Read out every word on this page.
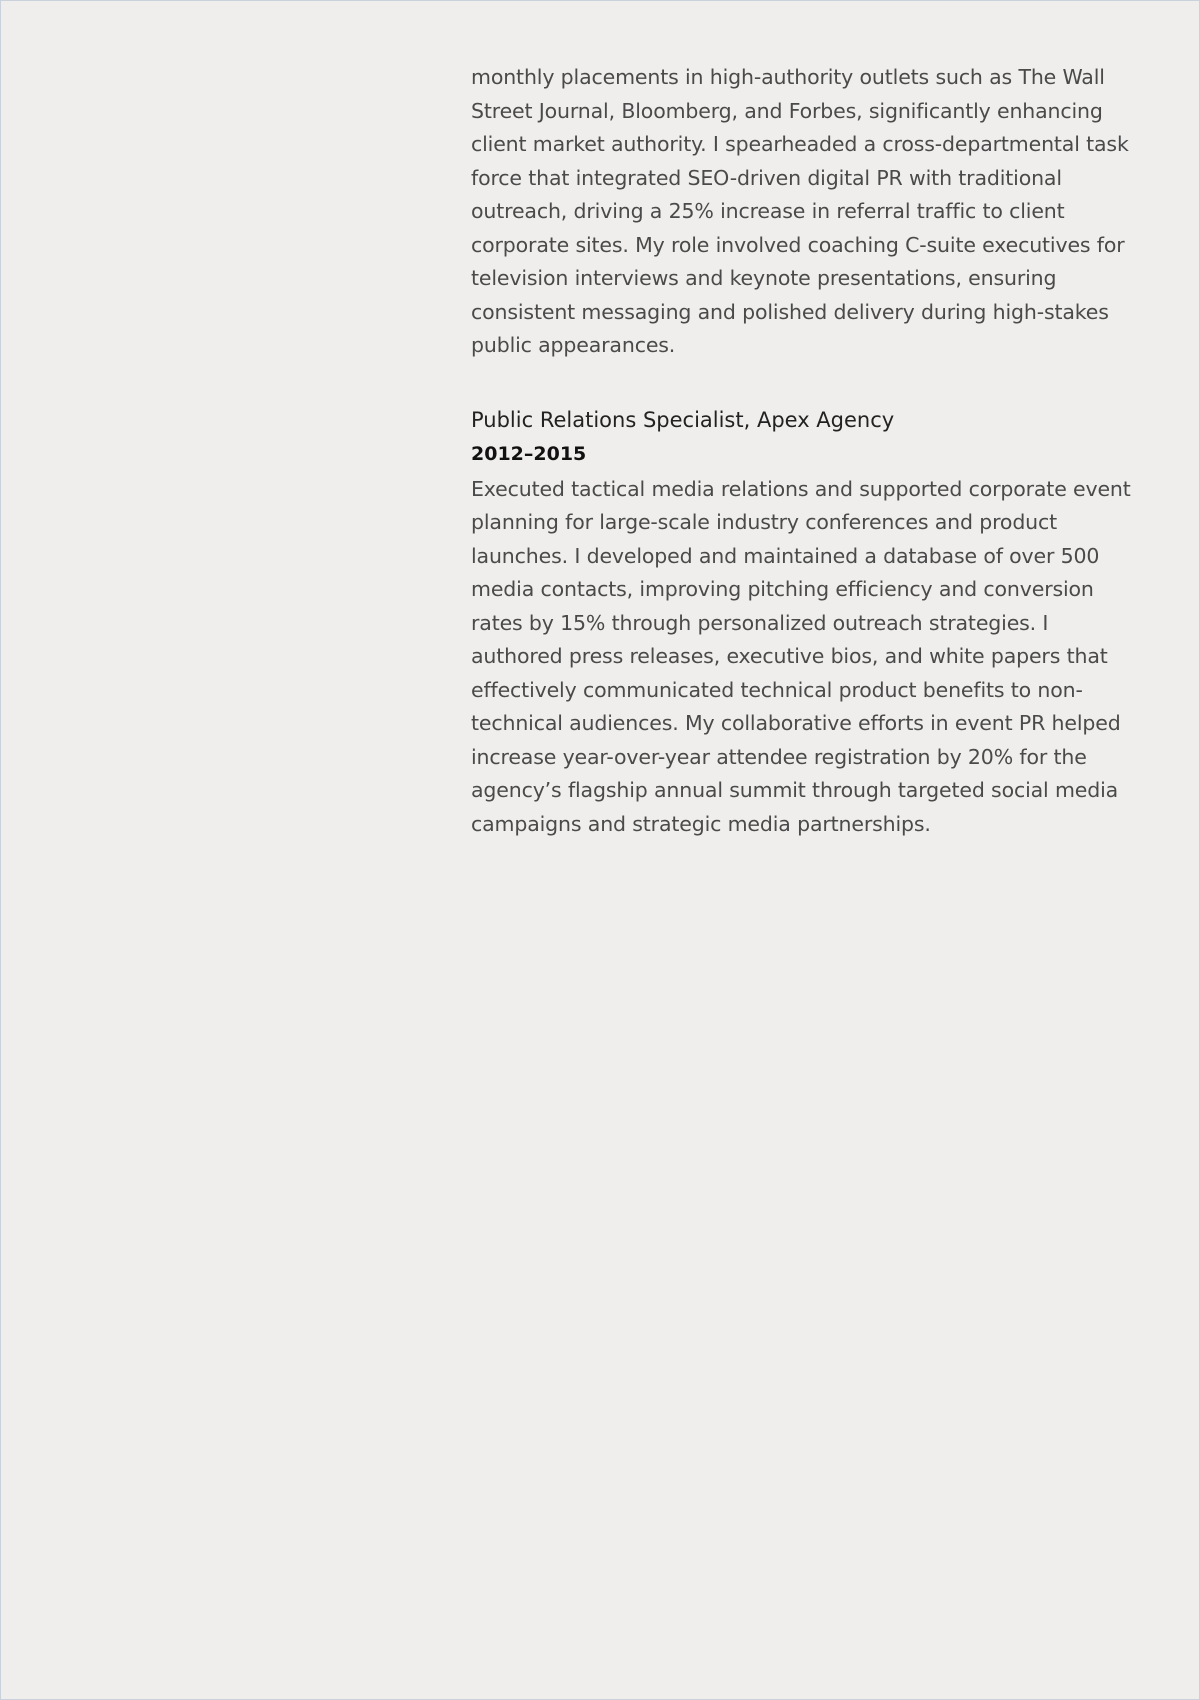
monthly placements in high-authority outlets such as The Wall Street Journal, Bloomberg, and Forbes, significantly enhancing client market authority. I spearheaded a cross-departmental task force that integrated SEO-driven digital PR with traditional outreach, driving a 25% increase in referral traffic to client corporate sites. My role involved coaching C-suite executives for television interviews and keynote presentations, ensuring consistent messaging and polished delivery during high-stakes public appearances.

Public Relations Specialist, Apex Agency
2012–2015

Executed tactical media relations and supported corporate event planning for large-scale industry conferences and product launches. I developed and maintained a database of over 500 media contacts, improving pitching efficiency and conversion rates by 15% through personalized outreach strategies. I authored press releases, executive bios, and white papers that effectively communicated technical product benefits to non-technical audiences. My collaborative efforts in event PR helped increase year-over-year attendee registration by 20% for the agency’s flagship annual summit through targeted social media campaigns and strategic media partnerships.
